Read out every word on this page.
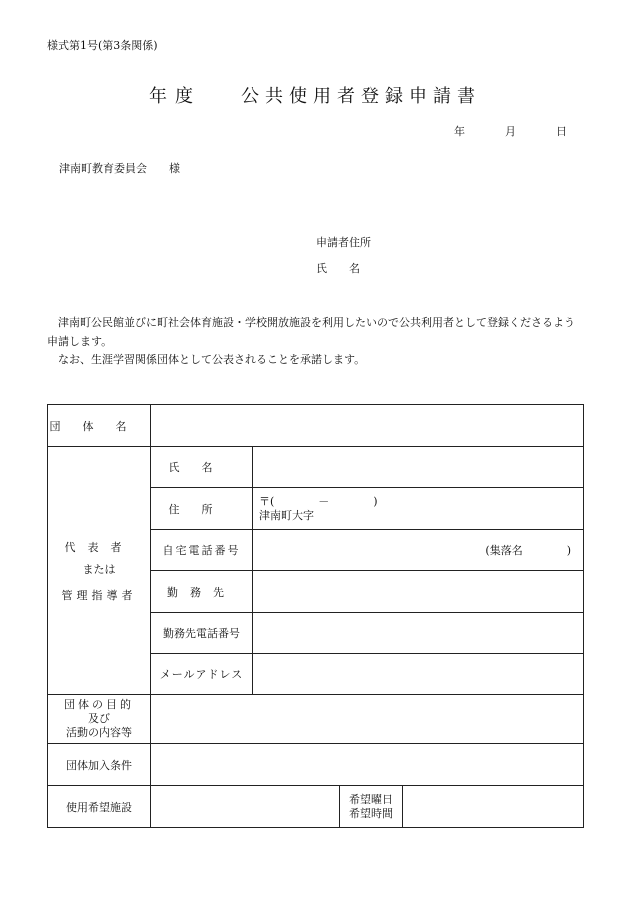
様式第1号(第3条関係)
年度 公共使用者登録申請書
年	月	日
津南町教育委員会　　様
申請者住所
氏　　名
津南町公民館並びに町社会体育施設・学校開放施設を利用したいので公共利用者として登録くださるよう申請します。
なお、生涯学習関係団体として公表されることを承諾します。
団体名				

代表者
または
管理指導者	氏名			
	住所	〒(　　　　－　　　　)
津南町大字		

	自宅電話番号	(集落名　　　　)		
	勤務先			
	勤務先電話番号			
	メールアドレス			

団体の目的
及び
活動の内容等				

団体加入条件				
使用希望施設			希望曜日
希望時間	
